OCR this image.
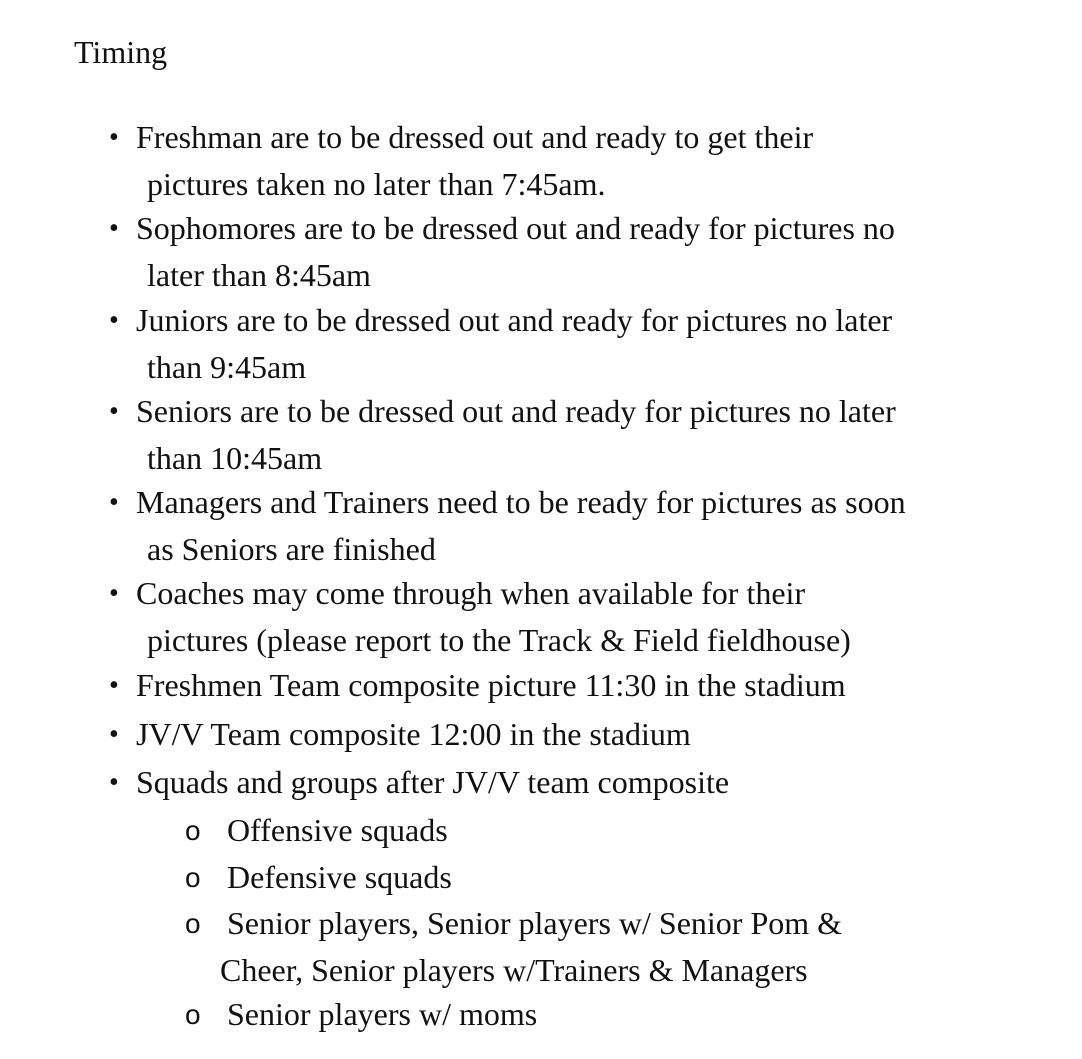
Timing
• Freshman are to be dressed out and ready to get their
pictures taken no later than 7:45am.
• Sophomores are to be dressed out and ready for pictures no
later than 8:45am
• Juniors are to be dressed out and ready for pictures no later
than 9:45am
• Seniors are to be dressed out and ready for pictures no later
than 10:45am
• Managers and Trainers need to be ready for pictures as soon
as Seniors are finished
• Coaches may come through when available for their
pictures (please report to the Track & Field fieldhouse)
• Freshmen Team composite picture 11:30 in the stadium
• JV/V Team composite 12:00 in the stadium
• Squads and groups after JV/V team composite
o Offensive squads
o Defensive squads
o Senior players, Senior players w/ Senior Pom &
Cheer, Senior players w/Trainers & Managers
o Senior players w/ moms
